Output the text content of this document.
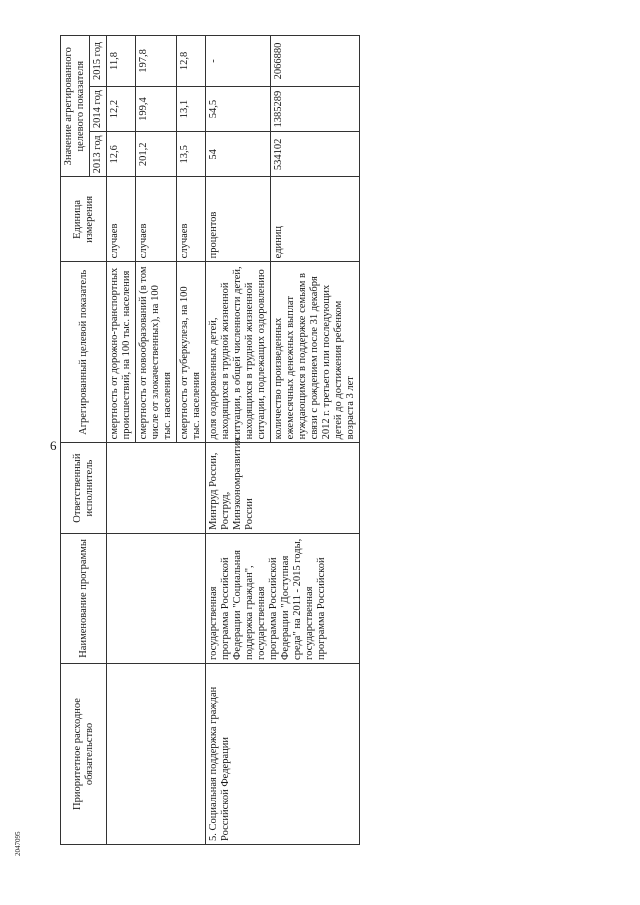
6
2047095
Приоритетное расходное обязательство	Наименование программы	Ответственный исполнитель	Агрегированный целевой показатель	Единица измерения	Значение агрегированного целевого показателя		
					2013 год	2014 год	2015 год
			смертность от дорожно-транспортных происшествий, на 100 тыс. населения	случаев	12,6	12,2	11,8
			смертность от новообразований (в том числе от злокачественных), на 100 тыс. населения	случаев	201,2	199,4	197,8
			смертность от туберкулеза, на 100 тыс. населения	случаев	13,5	13,1	12,8
5. Социальная поддержка граждан Российской Федерации	государственная программа Российской Федерации "Социальная поддержка граждан",
государственная программа Российской Федерации "Доступная среда" на 2011 - 2015 годы, государственная программа Российской	Минтруд России, Роструд, Минэкономразвития России	доля оздоровленных детей, находящихся в трудной жизненной ситуации, в общей численности детей, находящихся в трудной жизненной ситуации, подлежащих оздоровлению	процентов	54	54,5	-
			количество произведенных ежемесячных денежных выплат нуждающимся в поддержке семьям в связи с рождением после 31 декабря 2012 г. третьего или последующих детей до достижения ребенком возраста 3 лет	единиц	534102	1385289	2066880
